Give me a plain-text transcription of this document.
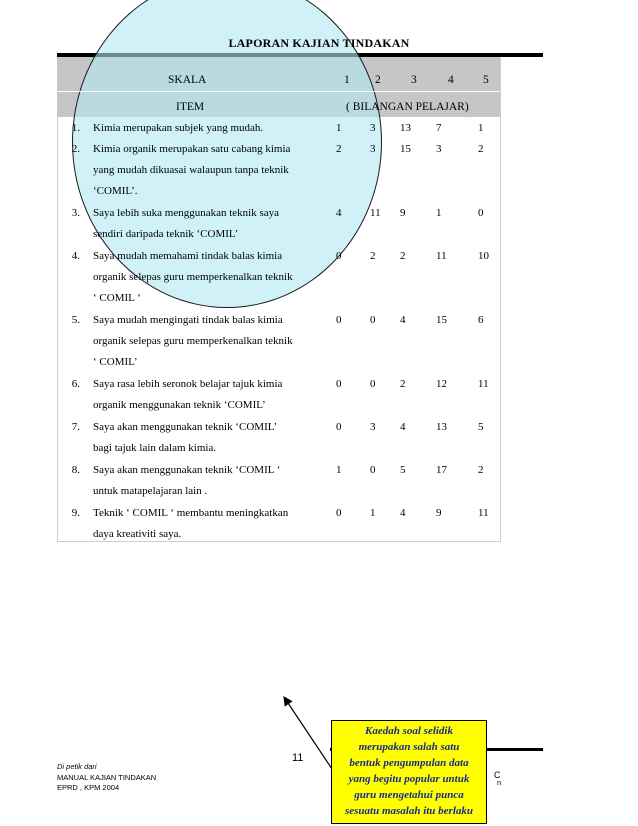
LAPORAN KAJIAN TINDAKAN
SKALA
ITEM
1 2	3	4	5
( BILANGAN PELAJAR)
1. Kimia merupakan subjek yang mudah.	1	3 13 7	1
2. Kimia organik merupakan satu cabang kimia
yang mudah dikuasai walaupun tanpa teknik
‘COMIL’.
2	3 15 3	2
3. Saya lebih suka menggunakan teknik saya
sendiri daripada teknik ‘COMIL’
4	11 9	1	0
4. Saya mudah memahami tindak balas kimia
organik selepas guru memperkenalkan teknik
‘ COMIL ‘
0	2 2	11	10
5. Saya mudah mengingati tindak balas kimia
organik selepas guru memperkenalkan teknik
‘ COMIL’
0	0 4	15	6
6. Saya rasa lebih seronok belajar tajuk kimia
organik menggunakan teknik ‘COMIL’
0	0 2	12	11
7. Saya akan menggunakan teknik ‘COMIL’
bagi tajuk lain dalam kimia.
0	3 4	13	5
8. Saya akan menggunakan teknik ‘COMIL ‘
untuk matapelajaran lain .
1	0 5	17	2
9. Teknik ‘ COMIL ‘ membantu meningkatkan
daya kreativiti saya.
0	1 4	9	11
Di petik dari
MANUAL KAJIAN TINDAKAN
EPRD , KPM 2004
11
C
n
Kaedah soal selidik
merupakan salah satu
bentuk pengumpulan data
yang begitu popular untuk
guru mengetahui punca
sesuatu masalah itu berlaku
